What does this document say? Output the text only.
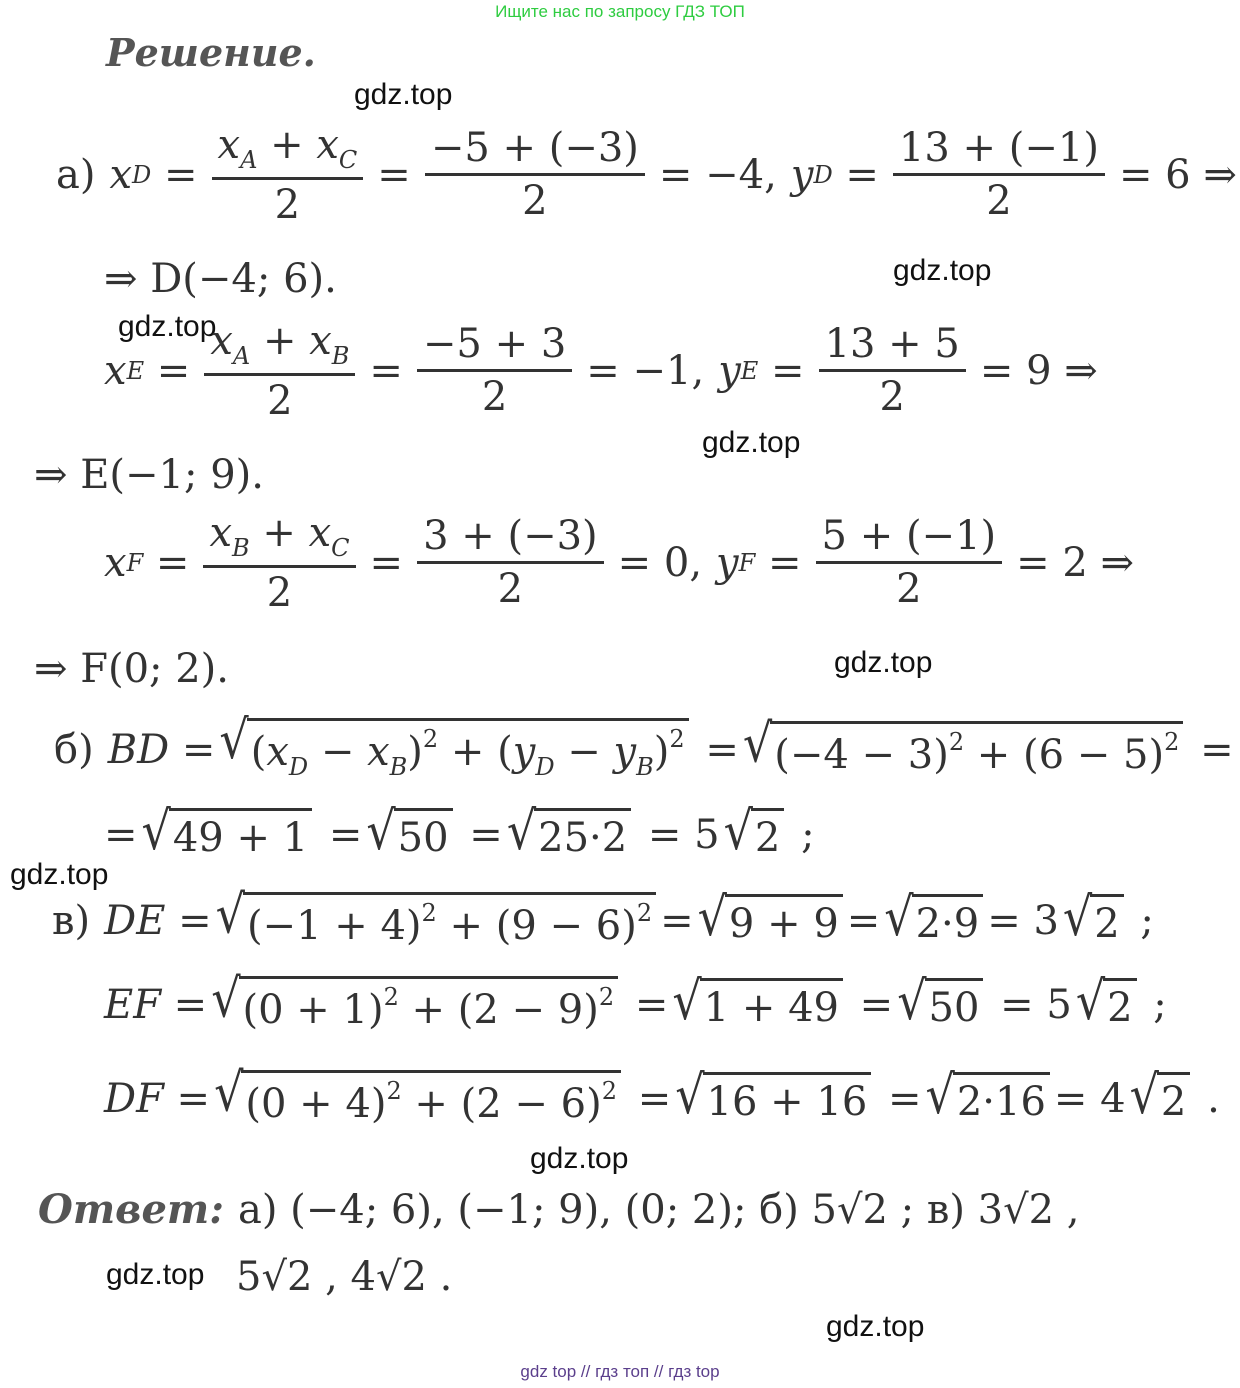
Ищите нас по запросу ГДЗ ТОП
Решение.
gdz.top
gdz.top
gdz.top
gdz.top
gdz.top
gdz.top
gdz.top
gdz.top
gdz.top
а) x $D = \frac{x_A + x_C}{2} = \frac{-5 + (-3)}{2} = -4$, y $D = \frac{13 + (-1)}{2} = 6$ ⇒
⇒ D(−4; 6).
x $E = \frac{x_A + x_B}{2} = \frac{-5 + 3}{2} = -1$, y $E = \frac{13 + 5}{2} = 9$ ⇒
⇒ E(−1; 9).
x $F = \frac{x_B + x_C}{2} = \frac{3 + (-3)}{2} = 0$, y $F = \frac{5 + (-1)}{2} = 2$ ⇒
⇒ F(0; 2).
б) BD = √ $(x_D - x_B)^2 + (y_D - y_B)^2$ = √ $(-4 - 3)^2 + (6 - 5)^2$ =
= √ 49 + 1 = √ 50 = √ 25·2 = 5 √ 2 ;
в) DE = √ $(-1 + 4)^2 + (9 - 6)^2$ = √ 9 + 9 = √ 2·9 = 3 √ 2 ;
EF = √ $(0 + 1)^2 + (2 - 9)^2$ = √ 1 + 49 = √ 50 = 5 √ 2 ;
DF = √ $(0 + 4)^2 + (2 - 6)^2$ = √ 16 + 16 = √ 2·16 = 4 √ 2 .
Ответ: а) (−4; 6), (−1; 9), (0; 2); б) 5√2 ; в) 3√2 ,
5√2 , 4√2 .
gdz top // гдз топ // гдз top
